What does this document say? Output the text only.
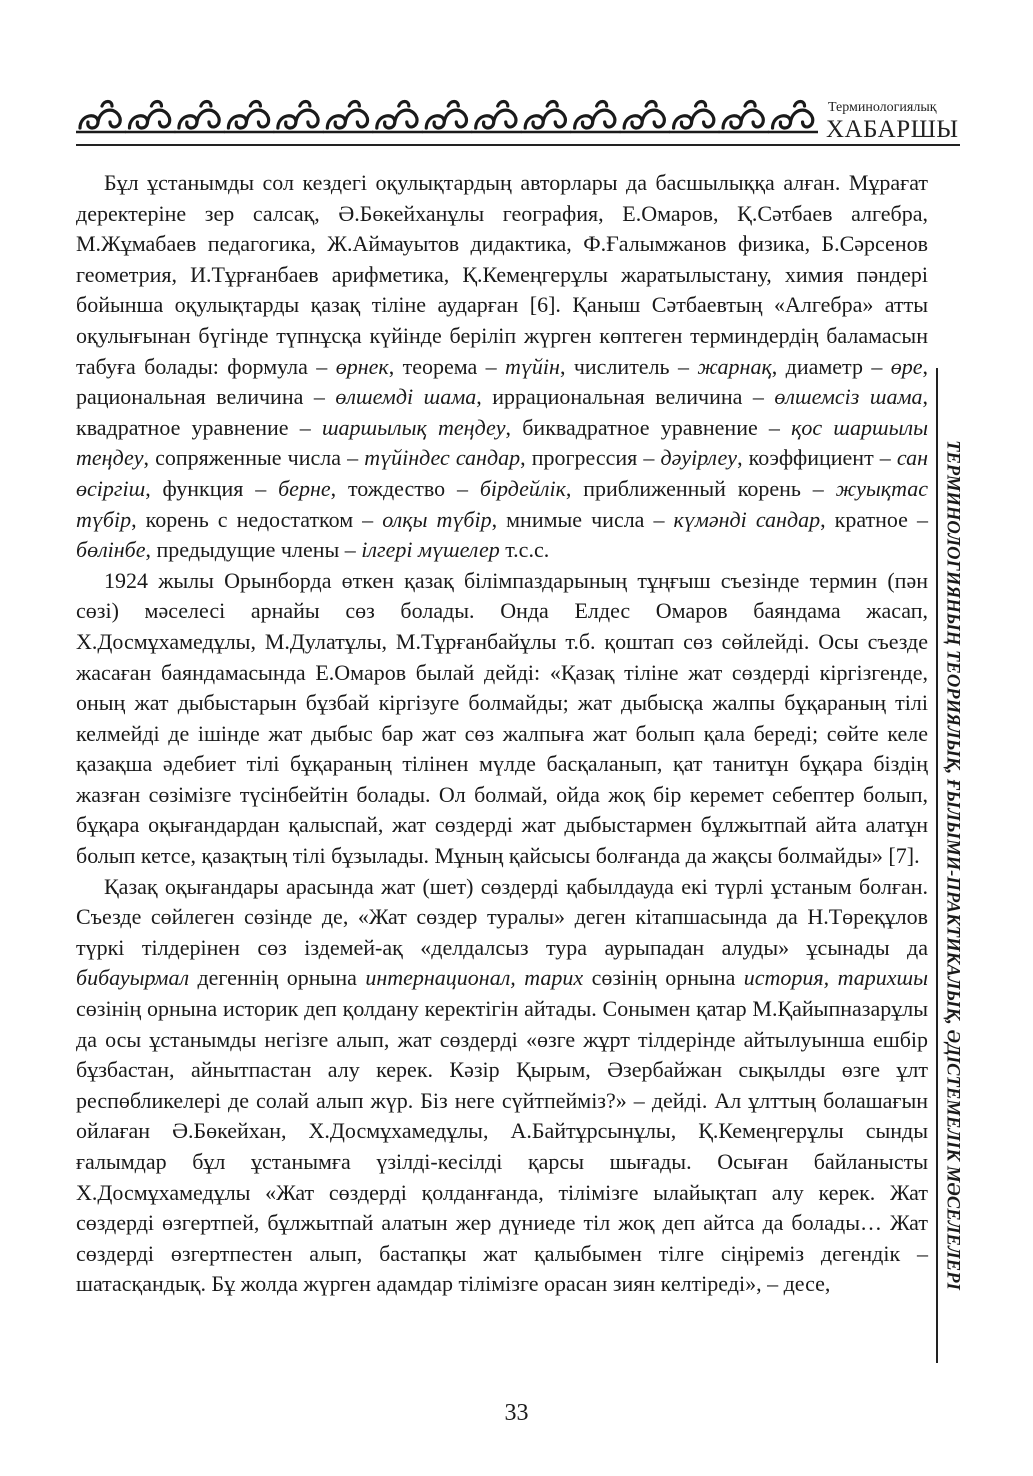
Терминологиялық
ХАБАРШЫ

Бұл ұстанымды сол кездегі оқулықтардың авторлары да басшылыққа алған. Мұрағат деректеріне зер салсақ, Ә.Бөкейханұлы география, Е.Омаров, Қ.Сәтбаев алгебра, М.Жұмабаев педагогика, Ж.Аймауытов дидактика, Ф.Ғалымжанов физика, Б.Сәрсенов геометрия, И.Тұрғанбаев арифметика, Қ.Кемеңгерұлы жаратылыстану, химия пәндері бойынша оқулықтарды қазақ тіліне аударған [6]. Қаныш Сәтбаевтың «Алгебра» атты оқулығынан бүгінде түпнұсқа күйінде беріліп жүрген көптеген терминдердің баламасын табуға болады: формула – өрнек, теорема – түйін, числитель – жарнақ, диаметр – өре, рациональная величина – өлшемді шама, иррациональная величина – өлшемсіз шама, квадратное уравнение – шаршылық теңдеу, биквадратное уравнение – қос шаршылы теңдеу, сопряженные числа – түйіндес сандар, прогрессия – дәуірлеу, коэффициент – сан өсіргіш, функция – берне, тождество – бірдейлік, приближенный корень – жуықтас түбір, корень с недостатком – олқы түбір, мнимые числа – күмәнді сандар, кратное – бөлінбе, предыдущие члены – ілгері мүшелер т.с.с.

1924 жылы Орынборда өткен қазақ білімпаздарының тұңғыш съезінде термин (пән сөзі) мәселесі арнайы сөз болады. Онда Елдес Омаров баяндама жасап, Х.Досмұхамедұлы, М.Дулатұлы, М.Тұрғанбайұлы т.б. қоштап сөз сөйлейді. Осы съезде жасаған баяндамасында Е.Омаров былай дейді: «Қазақ тіліне жат сөздерді кіргізгенде, оның жат дыбыстарын бұзбай кіргізуге болмайды; жат дыбысқа жалпы бұқараның тілі келмейді де ішінде жат дыбыс бар жат сөз жалпыға жат болып қала береді; сөйте келе қазақша әдебиет тілі бұқараның тілінен мүлде басқаланып, қат танитұн бұқара біздің жазған сөзімізге түсінбейтін болады. Ол болмай, ойда жоқ бір керемет себептер болып, бұқара оқығандардан қалыспай, жат сөздерді жат дыбыстармен бұлжытпай айта алатұн болып кетсе, қазақтың тілі бұзылады. Мұның қайсысы болғанда да жақсы болмайды» [7].

Қазақ оқығандары арасында жат (шет) сөздерді қабылдауда екі түрлі ұстаным болған. Съезде сөйлеген сөзінде де, «Жат сөздер туралы» деген кітапшасында да Н.Төреқұлов түркі тілдерінен сөз іздемей-ақ «делдалсыз тура аурыпадан алуды» ұсынады да бибауырмал дегеннің орнына интернационал, тарих сөзінің орнына история, тарихшы сөзінің орнына историк деп қолдану керектігін айтады. Сонымен қатар М.Қайыпназарұлы да осы ұстанымды негізге алып, жат сөздерді «өзге жұрт тілдерінде айтылуынша ешбір бұзбастан, айнытпастан алу керек. Кәзір Қырым, Әзербайжан сықылды өзге ұлт респөбликелері де солай алып жүр. Біз неге сүйтпейміз?» – дейді. Ал ұлттың болашағын ойлаған Ә.Бөкейхан, Х.Досмұхамедұлы, А.Байтұрсынұлы, Қ.Кемеңгерұлы сынды ғалымдар бұл ұстанымға үзілді-кесілді қарсы шығады. Осыған байланысты Х.Досмұхамедұлы «Жат сөздерді қолданғанда, тілімізге ылайықтап алу керек. Жат сөздерді өзгертпей, бұлжытпай алатын жер дүниеде тіл жоқ деп айтса да болады… Жат сөздерді өзгертпестен алып, бастапқы жат қалыбымен тілге сіңіреміз дегендік – шатасқандық. Бұ жолда жүрген адамдар тілімізге орасан зиян келтіреді», – десе,	ТЕРМИНОЛОГИЯНЫҢ ТЕОРИЯЛЫҚ, ҒЫЛЫМИ-ПРАКТИКАЛЫҚ, ӘДІСТЕМЕЛІК МӘСЕЛЕЛЕРІ
33
